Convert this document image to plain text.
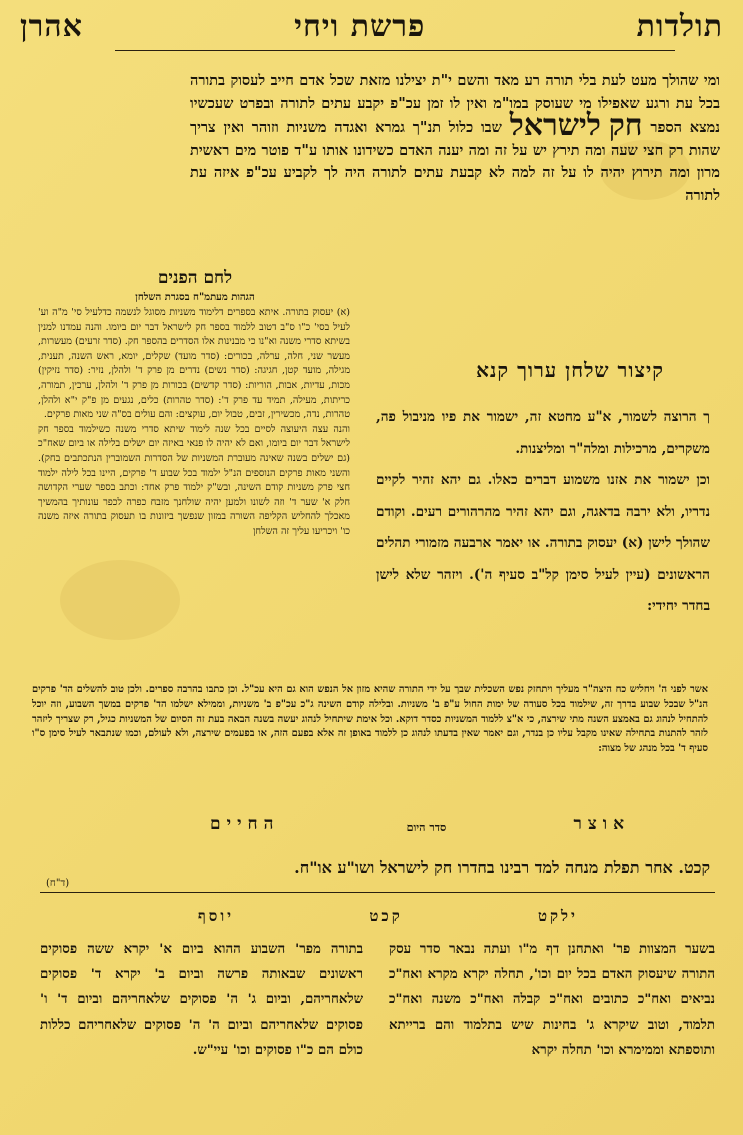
תולדות
פרשת ויחי
אהרן
ומי שהולך מעט לעת בלי תורה רע מאד והשם י"ת יצילנו מזאת שכל אדם חייב לעסוק בתורה בכל עת ורגע שאפילו מי שעוסק במו"מ ואין לו זמן עכ"פ יקבע עתים לתורה ובפרט שעכשיו נמצא הספר חק לישראל שבו כלול תנ"ך גמרא ואגדה משניות וזוהר ואין צריך שהות רק חצי שעה ומה תירץ יש על זה ומה יענה האדם כשידונו אותו ע"ד פוטר מים ראשית מרון ומה תירוץ יהיה לו על זה למה לא קבעת עתים לתורה היה לך לקביע עכ"פ איזה עת לתורה
לחם הפנים
הגהות מעתמ"ח בסגרת השלחן

(א) יעסוק בתורה. איתא בספרים דלימוד משניות מסוגל לנשמה כדלעיל סי' מ"ה וע' לעיל בסי' כ"ו ס"ב דטוב ללמוד בספר חק לישראל דבר יום ביומו. והנה עמדנו למנין בשיתא סדרי משנה וא"נו כי מבנינות אלו הסדרים בהספר חק. (סדר זרעים) מעשרות, מעשר שני, חלה, ערלה, בכורים: (סדר מועד) שקלים, יומא, ראש השנה, תענית, מגילה, מועד קטן, חגיגה: (סדר נשים) נדרים מן פרק ד' ולהלן, נזיר: (סדר נזיקין) מכות, עדיות, אבות, הוריות: (סדר קדשים) בכורות מן פרק ד' ולהלן, ערכין, תמורה, כריתות, מעילה, תמיד עד פרק ד': (סדר טהרות) כלים, נגעים מן פ"ק י"א ולהלן, טהרות, נדה, מכשירין, זבים, טבול יום, עוקצים: והם עולים בס"ה שני מאות פרקים.

והנה עצה היעוצה לסיים בכל שנה לימוד שיתא סדרי משנה כשילמוד בספר חק לישראל דבר יום ביומו, ואם לא יהיה לו פנאי באיזה יום ישלים בלילה או ביום שאח"כ (גם ישלים בשנה שאינה מעוברת המשניות של הסדרות השמוברין הנתכתבים בחק). והשני מאות פרקים הנוספים הנ"ל ילמוד בכל שבוע ד' פרקים, היינו בכל לילה ילמוד חצי פרק משניות קודם השינה, ובש"ק ילמוד פרק אחד: וכתב בספר שערי הקדושה חלק א' שער ד' וזה לשונו ולמען יהיה שולחנך מזבח כפרה לכפר עונותיך בהמשיך מאכלך להחליש הקליפה השורה במזון שנפשך ביזונות בו תעסוק בתורה איזה משנה כו' ויכריעו עליך זה השלחן

קיצור שלחן ערוך קנא

ך הרוצה לשמור, א"ע מחטא זה, ישמור את פיו מניבול פה, משקרים, מרכילות ומלה"ר ומליצנות.

וכן ישמור את אזנו משמוע דברים כאלו. גם יהא זהיר לקיים נדריו, ולא ירבה בדאגה, וגם יהא זהיר מהרהורים רעים. וקודם שהולך לישן (א) יעסוק בתורה. או יאמר ארבעה מזמורי תהלים הראשונים (עיין לעיל סימן קל"ב סעיף ה'). ויזהר שלא לישן בחדר יחידי:

אשר לפני ה' ויחליש כח היצה"ר מעליך ויתחזק נפש השכלית שבך על ידי התורה שהיא מזון אל הנפש הוא גם היא עכ"ל. וכן כתבו בהרבה ספרים. ולכן טוב להשלים הד' פרקים הנ"ל שבכל שבוע בדרך זה, שילמוד בכל סעודה של ימות החול ע"פ ב' משניות. ובלילה קודם השינה ג"כ עכ"פ ב' משניות, וממילא ישלמו הד' פרקים במשך השבוע, וזה יוכל להתחיל לנהוג גם באמצע השנה מתי שירצה, כי א"צ ללמוד המשניות כסדר דוקא. וכל אימת שיתחיל לנהוג יעשה בשנה הבאה בעת זה הסיום של המשניות כגיל, רק שצריך ליזהר לזהר להתנות בתחילה שאינו מקבל עליו כן בנדר, וגם יאמר שאין בדעתו לנהוג כן ללמוד באופן זה אלא בפעם הזה, או בפעמים שירצה, ולא לעולם, וכמו שנתבאר לעיל סימן ס"ו סעיף ד' בכל מנהג של מצוה:

אוצר
סדר היום
החיים
קכט. אחר תפלת מנחה למד רבינו בחדרו חק לישראל ושו"ע או"ח.
(ד"ח)
ילקט
קכט
יוסף

בשער המצוות פר' ואתחנן דף מ"ו ועתה נבאר סדר עסק התורה שיעסוק האדם בכל יום וכו', תחלה יקרא מקרא ואח"כ נביאים ואח"כ כתובים ואח"כ קבלה ואח"כ משנה ואח"כ תלמוד, וטוב שיקרא ג' בחינות שיש בתלמוד והם ברייתא ותוספתא וממימרא וכו' תחלה יקרא

בתורה מפר' השבוע ההוא ביום א' יקרא ששה פסוקים ראשונים שבאותה פרשה וביום ב' יקרא ד' פסוקים שלאחריהם, וביום ג' ה' פסוקים שלאחריהם וביום ד' ו' פסוקים שלאחריהם וביום ה' ה' פסוקים שלאחריהם כללות כולם הם כ"ו פסוקים וכו' עיי"ש.
